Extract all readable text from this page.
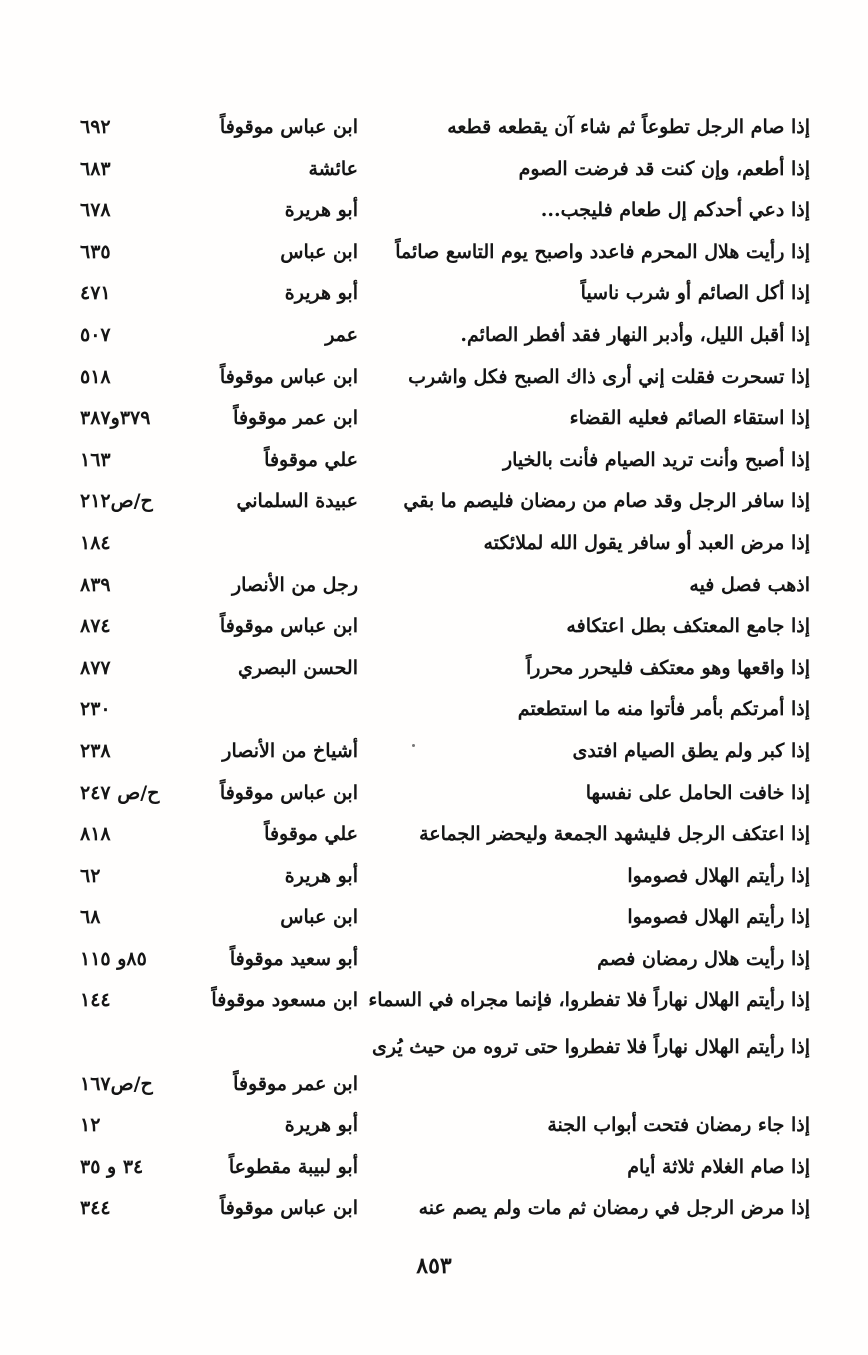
إذا صام الرجل تطوعاً ثم شاء آن يقطعه قطعه
ابن عباس موقوفاً
٦٩٢
إذا أطعم، وإن كنت قد فرضت الصوم
عائشة
٦٨٣
إذا دعي أحدكم إل طعام فليجب...
أبو هريرة
٦٧٨
إذا رأيت هلال المحرم فاعدد واصبح يوم التاسع صائماً
ابن عباس
٦٣٥
إذا أكل الصائم أو شرب ناسياً
أبو هريرة
٤٧١
إذا أقبل الليل، وأدبر النهار فقد أفطر الصائم.
عمر
٥٠٧
إذا تسحرت فقلت إني أرى ذاك الصبح فكل واشرب
ابن عباس موقوفاً
٥١٨
إذا استقاء الصائم فعليه القضاء
ابن عمر موقوفاً
٣٧٩و٣٨٧
إذا أصبح وأنت تريد الصيام فأنت بالخيار
علي موقوفاً
١٦٣
إذا سافر الرجل وقد صام من رمضان فليصم ما بقي
عبيدة السلماني
ح/ص٢١٢
إذا مرض العبد أو سافر يقول الله لملائكته
١٨٤
اذهب فصل فيه
رجل من الأنصار
٨٣٩
إذا جامع المعتكف بطل اعتكافه
ابن عباس موقوفاً
٨٧٤
إذا واقعها وهو معتكف فليحرر محرراً
الحسن البصري
٨٧٧
إذا أمرتكم بأمر فأتوا منه ما استطعتم
٢٣٠
إذا كبر ولم يطق الصيام افتدى
أشياخ من الأنصار
٢٣٨
إذا خافت الحامل على نفسها
ابن عباس موقوفاً
ح/ص ٢٤٧
إذا اعتكف الرجل فليشهد الجمعة وليحضر الجماعة
علي موقوفاً
٨١٨
إذا رأيتم الهلال فصوموا
أبو هريرة
٦٢
إذا رأيتم الهلال فصوموا
ابن عباس
٦٨
إذا رأيت هلال رمضان فصم
أبو سعيد موقوفاً
٨٥و ١١٥
إذا رأيتم الهلال نهاراً فلا تفطروا، فإنما مجراه في السماء
ابن مسعود موقوفاً
١٤٤
إذا رأيتم الهلال نهاراً فلا تفطروا حتى تروه من حيث يُرى
ابن عمر موقوفاً
ح/ص١٦٧
إذا جاء رمضان فتحت أبواب الجنة
أبو هريرة
١٢
إذا صام الغلام ثلاثة أيام
أبو لبيبة مقطوعاً
٣٤ و ٣٥
إذا مرض الرجل في رمضان ثم مات ولم يصم عنه
ابن عباس موقوفاً
٣٤٤
٨٥٣
